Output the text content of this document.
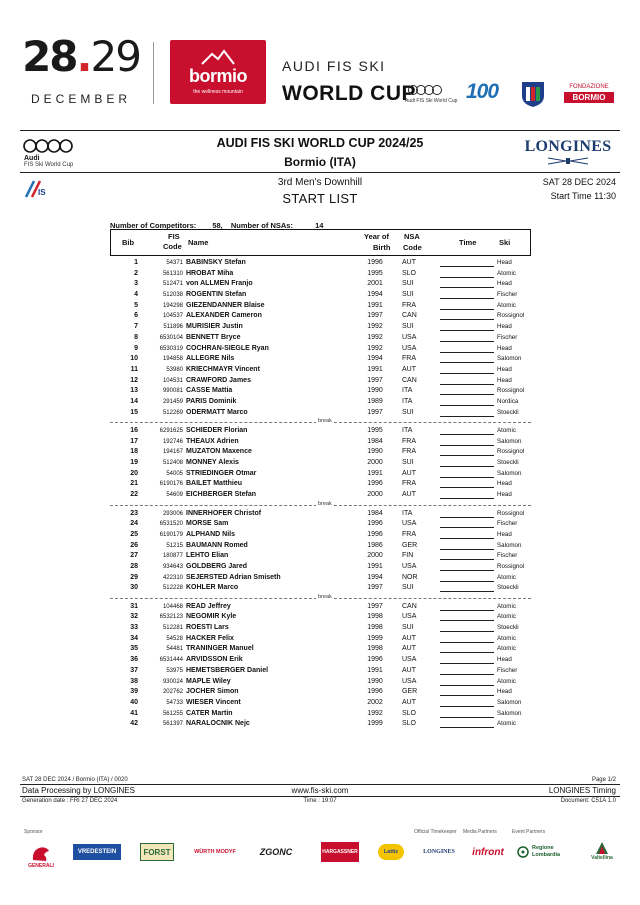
28.29
DECEMBER
bormio
the wellness mountain
AUDI FIS SKI
WORLD CUP
Audi FIS Ski World Cup 100	FONDAZIONE
BORMIO
Audi
FIS Ski World Cup
AUDI FIS SKI WORLD CUP 2024/25
Bormio (ITA)
LONGINES
IS
3rd Men's Downhill
START LIST
SAT 28 DEC 2024
Start Time 11:30
Number of Competitors: 58, Number of NSAs:	14
Bib
FIS
Code Name
Year of
Birth
NSA
Code
Time	Ski
1	54371 BABINSKY Stefan	1996	AUT	Head
2	561310 HROBAT Miha	1995	SLO	Atomic
3	512471 von ALLMEN Franjo	2001	SUI	Head
4	512038 ROGENTIN Stefan	1994	SUI	Fischer
5	194298 GIEZENDANNER Blaise	1991	FRA	Atomic
6	104537 ALEXANDER Cameron	1997	CAN	Rossignol
7	511896 MURISIER Justin	1992	SUI	Head
8	6530104 BENNETT Bryce	1992	USA	Fischer
9	6530319 COCHRAN-SIEGLE Ryan	1992	USA	Head
10	194858 ALLEGRE Nils	1994	FRA	Salomon
11	53980 KRIECHMAYR Vincent	1991	AUT	Head
12	104531 CRAWFORD James	1997	CAN	Head
13	990081 CASSE Mattia	1990	ITA	Rossignol
14	291459 PARIS Dominik	1989	ITA	Nordica
15	512269 ODERMATT Marco	1997	SUI	Stoeckli
break
16	6291625 SCHIEDER Florian	1995	ITA	Atomic
17	192746 THEAUX Adrien	1984	FRA	Salomon
18	194167 MUZATON Maxence	1990	FRA	Rossignol
19	512408 MONNEY Alexis	2000	SUI	Stoeckli
20	54005 STRIEDINGER Otmar	1991	AUT	Salomon
21	6190176 BAILET Matthieu	1996	FRA	Head
22	54609 EICHBERGER Stefan	2000	AUT	Head
break
23	293006 INNERHOFER Christof	1984	ITA	Rossignol
24	6531520 MORSE Sam	1996	USA	Fischer
25	6190179 ALPHAND Nils	1996	FRA	Head
26	51215 BAUMANN Romed	1986	GER	Salomon
27	180877 LEHTO Elian	2000	FIN	Fischer
28	934643 GOLDBERG Jared	1991	USA	Rossignol
29	422310 SEJERSTED Adrian Smiseth	1994	NOR	Atomic
30	512228 KOHLER Marco	1997	SUI	Stoeckli
break
31	104468 READ Jeffrey	1997	CAN	Atomic
32	6532123 NEGOMIR Kyle	1998	USA	Atomic
33	512281 ROESTI Lars	1998	SUI	Stoeckli
34	54528 HACKER Felix	1999	AUT	Atomic
35	54481 TRANINGER Manuel	1998	AUT	Atomic
36	6531444 ARVIDSSON Erik	1996	USA	Head
37	53975 HEMETSBERGER Daniel	1991	AUT	Fischer
38	930024 MAPLE Wiley	1990	USA	Atomic
39	202762 JOCHER Simon	1996	GER	Head
40	54733 WIESER Vincent	2002	AUT	Salomon
41	561255 CATER Martin	1992	SLO	Salomon
42	561397 NARALOCNIK Nejc	1999	SLO	Atomic
SAT 28 DEC 2024 / Bormio (ITA) / 0020	Page 1/2
Data Processing by LONGINES	www.fis-ski.com	LONGINES Timing
Generation date : FRI 27 DEC 2024	Time : 19:07	Document: C51A 1.0
Sponsor	Official Timekeeper Media Partners	Event Partners
GENERALI
VREDESTEIN	FORST	WÜRTH MODYF	ZGONC	HARGASSNER	Lattiz	LONGINES	infront	Regione Lombardia	Valtellina
